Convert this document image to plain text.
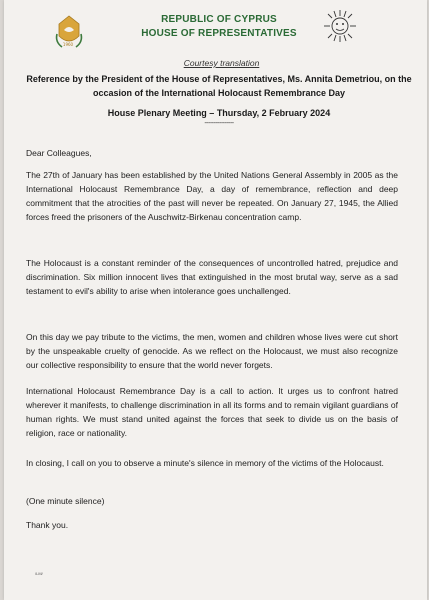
1960
REPUBLIC OF CYPRUS
HOUSE OF REPRESENTATIVES
Courtesy translation
Reference by the President of the House of Representatives, Ms. Annita Demetriou, on the occasion of the International Holocaust Remembrance Day
House Plenary Meeting – Thursday, 2 February 2024
----------------
Dear Colleagues,
The 27th of January has been established by the United Nations General Assembly in 2005 as the International Holocaust Remembrance Day, a day of remembrance, reflection and deep commitment that the atrocities of the past will never be repeated. On January 27, 1945, the Allied forces freed the prisoners of the Auschwitz-Birkenau concentration camp.
The Holocaust is a constant reminder of the consequences of uncontrolled hatred, prejudice and discrimination. Six million innocent lives that extinguished in the most brutal way, serve as a sad testament to evil's ability to arise when intolerance goes unchallenged.
On this day we pay tribute to the victims, the men, women and children whose lives were cut short by the unspeakable cruelty of genocide. As we reflect on the Holocaust, we must also recognize our collective responsibility to ensure that the world never forgets.
International Holocaust Remembrance Day is a call to action. It urges us to confront hatred wherever it manifests, to challenge discrimination in all its forms and to remain vigilant guardians of human rights. We must stand united against the forces that seek to divide us on the basis of religion, race or nationality.
In closing, I call on you to observe a minute's silence in memory of the victims of the Holocaust.
(One minute silence)
Thank you.
/LM/
